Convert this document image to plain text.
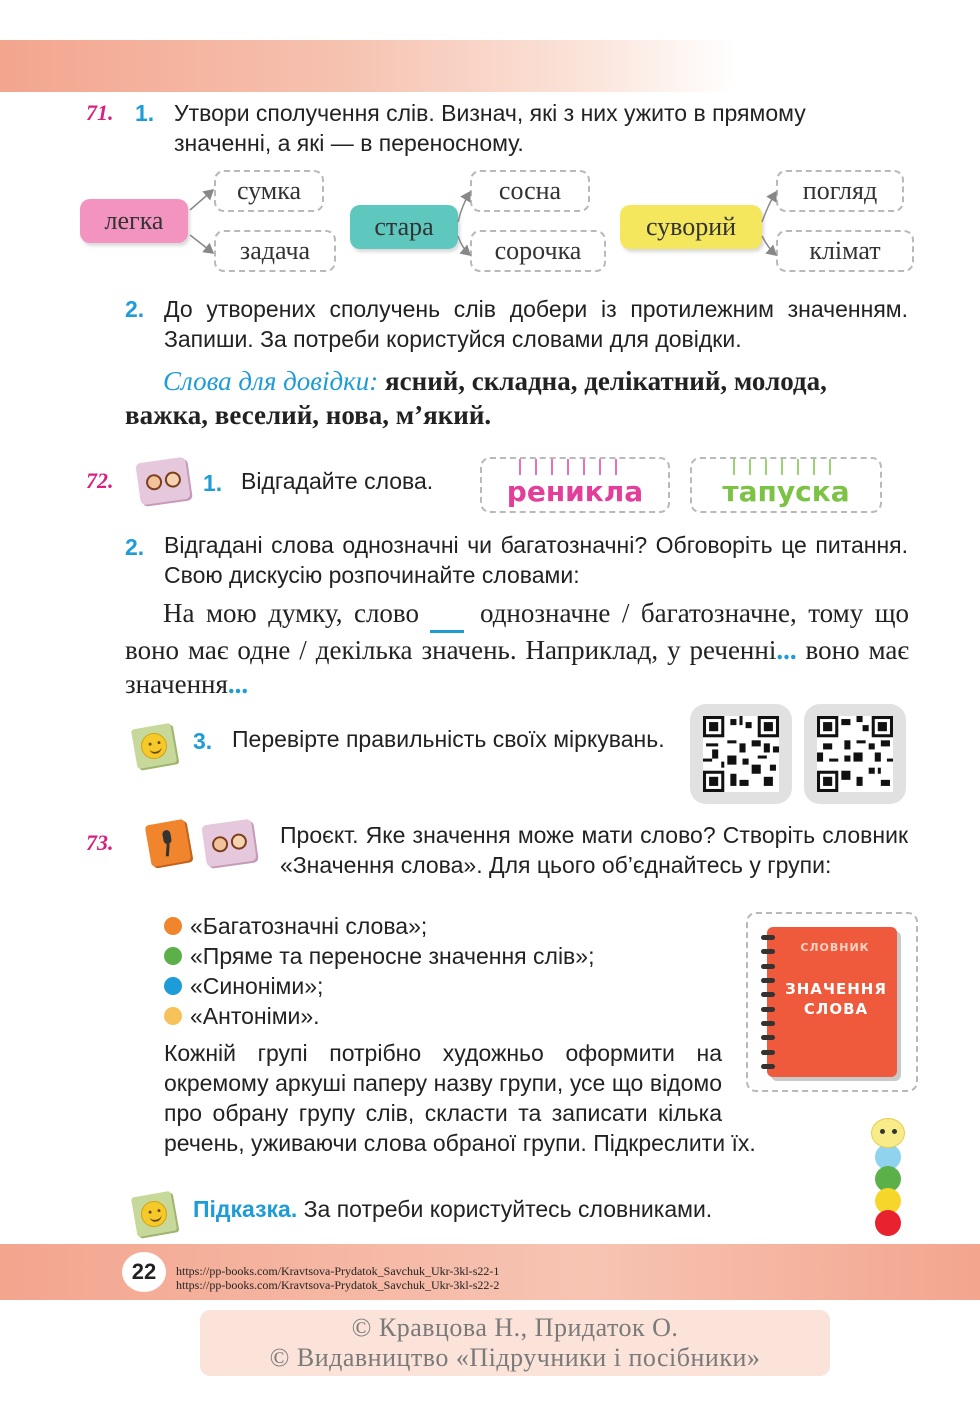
71. 1. Утвори сполучення слів. Визнач, які з них ужито в прямому значенні, а які — в переносному.
легка
сумка
задача
стара
сосна
сорочка
суворий
погляд
клімат
2. До утворених сполучень слів добери із протилежним значенням. Запиши. За потреби користуйся словами для довідки.
Слова для довідки: ясний, складна, делікатний, молода, важка, веселий, нова, м’який.
72.	1. Відгадайте слова.	реникла	тапуска
2. Відгадані слова однозначні чи багатозначні? Обговоріть це питання. Свою дискусію розпочинайте словами:
На мою думку, слово   однозначне / багатозначне, тому що воно має одне / декілька значень. Наприклад, у реченні... воно має значення...
3. Перевірте правильність своїх міркувань.
73.	Проєкт. Яке значення може мати слово? Створіть словник «Значення слова». Для цього об’єднайтесь у групи:
«Багатозначні слова»;
«Пряме та переносне значення слів»;
«Синоніми»;
«Антоніми».
СЛОВНИК
ЗНАЧЕННЯ СЛОВА
Кожній групі потрібно художньо оформити на окремому аркуші паперу назву групи, усе що відомо про обрану групу слів, скласти та записати кілька речень, уживаючи слова обраної групи. Підкреслити їх.
Підказка. За потреби користуйтесь словниками.
22	https://pp-books.com/Kravtsova-Prydatok_Savchuk_Ukr-3kl-s22-1
https://pp-books.com/Kravtsova-Prydatok_Savchuk_Ukr-3kl-s22-2
© Кравцова Н., Придаток О.
© Видавництво «Підручники і посібники»
